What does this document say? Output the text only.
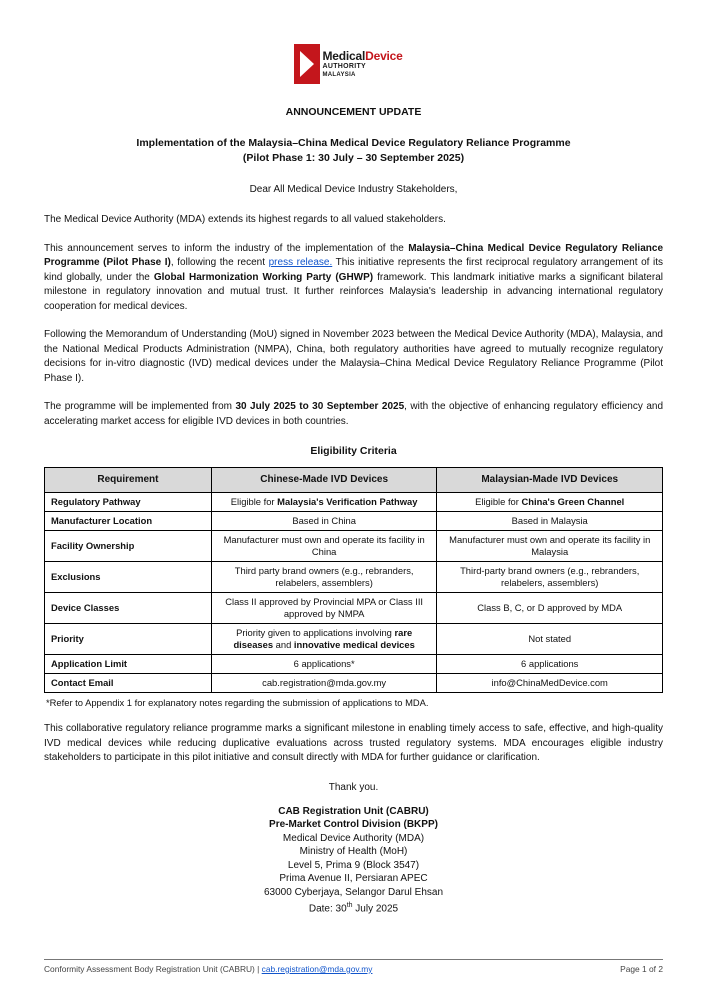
MedicalDevice
AUTHORITY
MALAYSIA
ANNOUNCEMENT UPDATE
Implementation of the Malaysia–China Medical Device Regulatory Reliance Programme
(Pilot Phase 1: 30 July – 30 September 2025)
Dear All Medical Device Industry Stakeholders,

The Medical Device Authority (MDA) extends its highest regards to all valued stakeholders.

This announcement serves to inform the industry of the implementation of the Malaysia–China Medical Device Regulatory Reliance Programme (Pilot Phase I), following the recent press release. This initiative represents the first reciprocal regulatory arrangement of its kind globally, under the Global Harmonization Working Party (GHWP) framework. This landmark initiative marks a significant bilateral milestone in regulatory innovation and mutual trust. It further reinforces Malaysia's leadership in advancing international regulatory cooperation for medical devices.

Following the Memorandum of Understanding (MoU) signed in November 2023 between the Medical Device Authority (MDA), Malaysia, and the National Medical Products Administration (NMPA), China, both regulatory authorities have agreed to mutually recognize regulatory decisions for in-vitro diagnostic (IVD) medical devices under the Malaysia–China Medical Device Regulatory Reliance Programme (Pilot Phase I).

The programme will be implemented from 30 July 2025 to 30 September 2025, with the objective of enhancing regulatory efficiency and accelerating market access for eligible IVD devices in both countries.

Eligibility Criteria
Requirement	Chinese-Made IVD Devices	Malaysian-Made IVD Devices
Regulatory Pathway	Eligible for Malaysia's Verification Pathway	Eligible for China's Green Channel
Manufacturer Location	Based in China	Based in Malaysia
Facility Ownership	Manufacturer must own and operate its facility in China	Manufacturer must own and operate its facility in Malaysia
Exclusions	Third party brand owners (e.g., rebranders, relabelers, assemblers)	Third-party brand owners (e.g., rebranders, relabelers, assemblers)
Device Classes	Class II approved by Provincial MPA or Class III approved by NMPA	Class B, C, or D approved by MDA
Priority	Priority given to applications involving rare diseases and innovative medical devices	Not stated
Application Limit	6 applications*	6 applications
Contact Email	cab.registration@mda.gov.my	info@ChinaMedDevice.com
*Refer to Appendix 1 for explanatory notes regarding the submission of applications to MDA.

This collaborative regulatory reliance programme marks a significant milestone in enabling timely access to safe, effective, and high-quality IVD medical devices while reducing duplicative evaluations across trusted regulatory systems. MDA encourages eligible industry stakeholders to participate in this pilot initiative and consult directly with MDA for further guidance or clarification.

Thank you.
CAB Registration Unit (CABRU)
Pre-Market Control Division (BKPP)
Medical Device Authority (MDA)
Ministry of Health (MoH)
Level 5, Prima 9 (Block 3547)
Prima Avenue II, Persiaran APEC
63000 Cyberjaya, Selangor Darul Ehsan
Date: 30th July 2025
Conformity Assessment Body Registration Unit (CABRU) | cab.registration@mda.gov.my	Page 1 of 2
